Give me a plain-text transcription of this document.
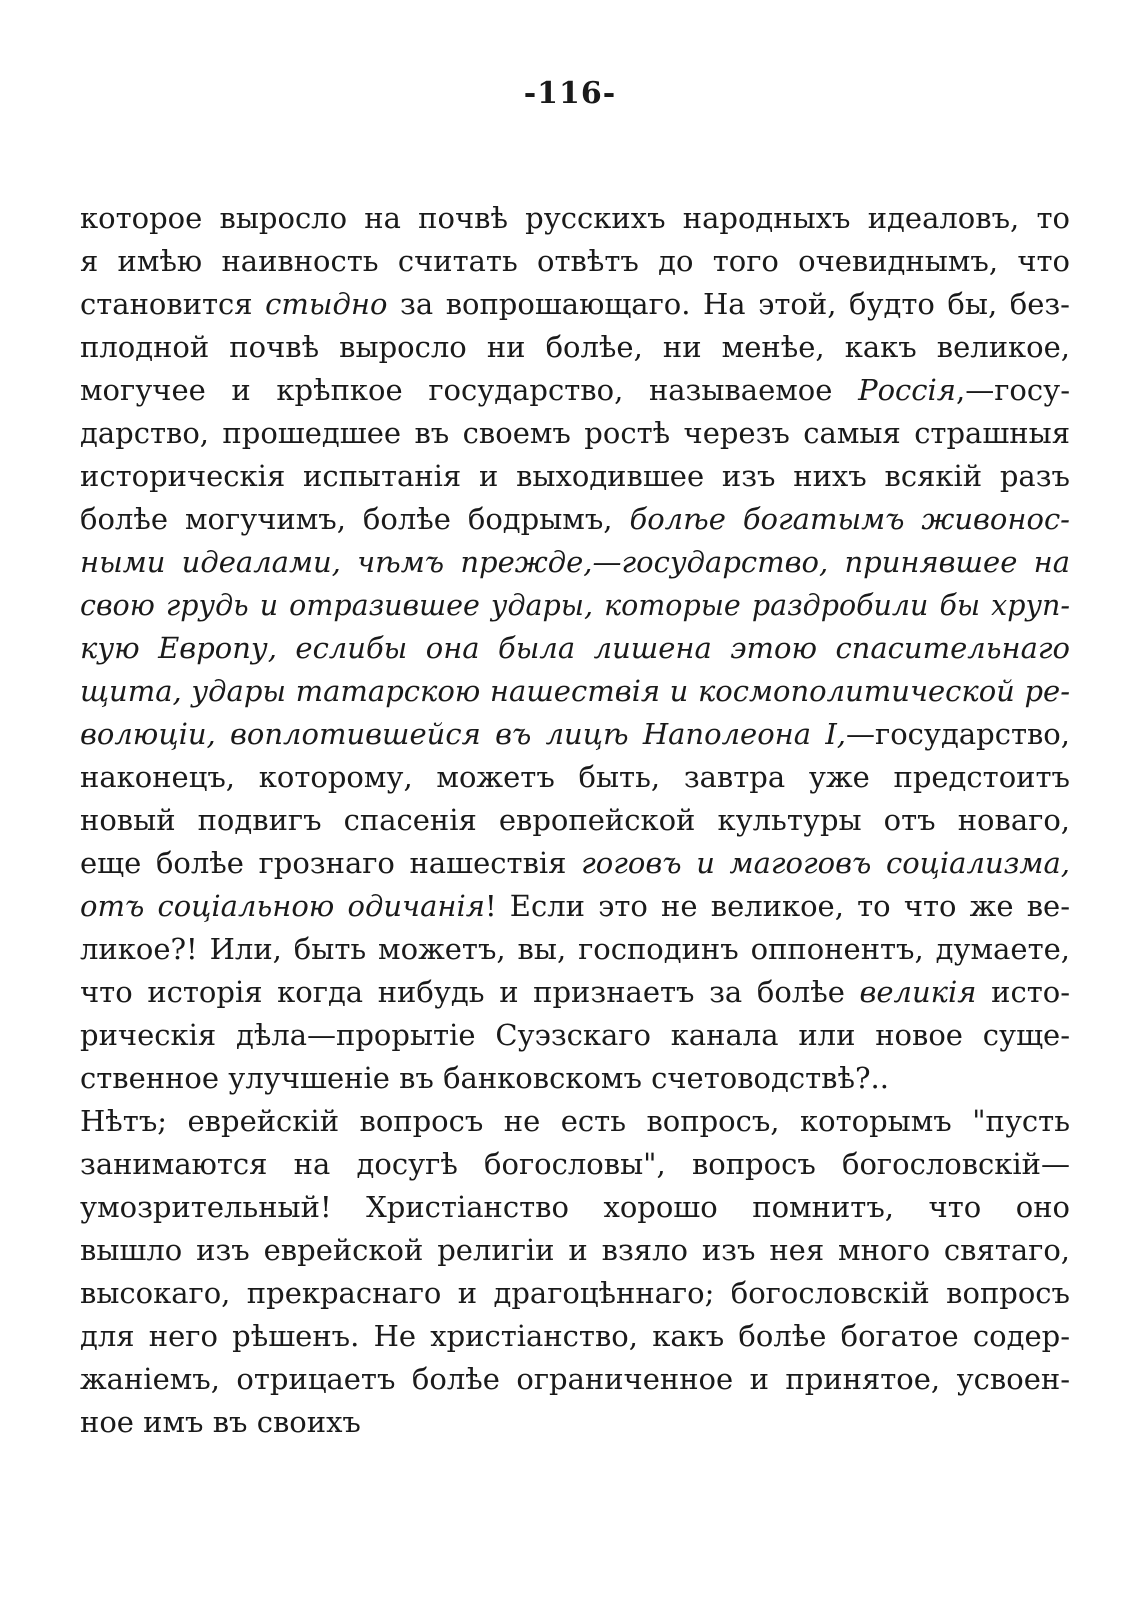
-116-
которое выросло на почвѣ русскихъ народныхъ идеаловъ, то
я имѣю наивность считать отвѣтъ до того очевиднымъ, что
становится стыдно за вопрошающаго. На этой, будто бы, без-
плодной почвѣ выросло ни болѣе, ни менѣе, какъ великое,
могучее и крѣпкое государство, называемое Россія,—госу-
дарство, прошедшее въ своемъ ростѣ черезъ самыя страшныя
историческія испытанія и выходившее изъ нихъ всякій разъ
болѣе могучимъ, болѣе бодрымъ, болѣе богатымъ живонос-
ными идеалами, чѣмъ прежде,—государство, принявшее на
свою грудь и отразившее удары, которые раздробили бы хруп-
кую Европу, еслибы она была лишена этою спасительнаго
щита, удары татарскою нашествія и космополитической ре-
волюціи, воплотившейся въ лицѣ Наполеона I,—государство,
наконецъ, которому, можетъ быть, завтра уже предстоитъ
новый подвигъ спасенія европейской культуры отъ новаго,
еще болѣе грознаго нашествія гоговъ и магоговъ соціализма,
отъ соціальною одичанія! Если это не великое, то что же ве-
ликое?! Или, быть можетъ, вы, господинъ оппонентъ, думаете,
что исторія когда нибудь и признаетъ за болѣе великія исто-
рическія дѣла—прорытіе Суэзскаго канала или новое суще-
ственное улучшеніе въ банковскомъ счетоводствѣ?..
Нѣтъ; еврейскій вопросъ не есть вопросъ, которымъ "пусть
занимаются на досугѣ богословы", вопросъ богословскій—
умозрительный! Христіанство хорошо помнитъ, что оно
вышло изъ еврейской религіи и взяло изъ нея много святаго,
высокаго, прекраснаго и драгоцѣннаго; богословскій вопросъ
для него рѣшенъ. Не христіанство, какъ болѣе богатое содер-
жаніемъ, отрицаетъ болѣе ограниченное и принятое, усвоен-
ное имъ въ своихъ
